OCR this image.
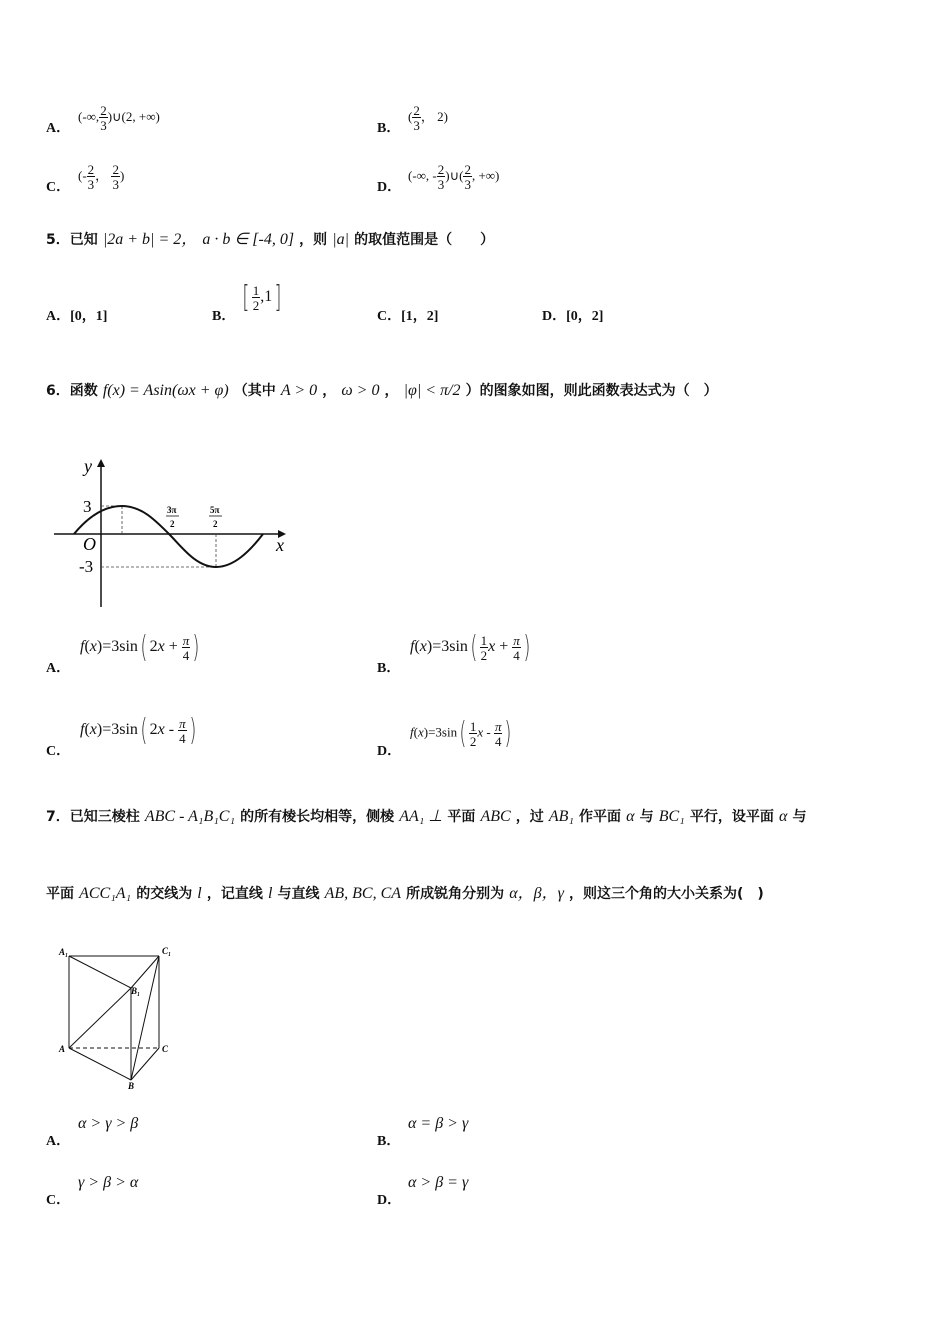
A．
(-∞, $\frac{2}{3}$ )∪(2, +∞)
B．
( $\frac{2}{3}$ ， 2)
C．
(- $\frac{2}{3}$ ， $\frac{2}{3}$ )
D．
(-∞, - $\frac{2}{3}$ )∪( $\frac{2}{3}$ , +∞)
5．已知 |2a + b| = 2， a · b ∈ [-4, 0] ，则 |a| 的取值范围是（　　）
A．[0，1]	B．
[ $\frac{1}{2} ,1$]
C．[1，2]	D．[0，2]
6．函数 f(x) = Asin(ωx + φ) （其中 A > 0 ， ω > 0 ， |φ| < π/2 ）的图象如图，则此函数表达式为（　）
y
x
O
3
-3
3π
2
5π
2
A．
f(x)=3sin( $2x + \frac{\pi}{4}$ )
B．
$f(x)=3\sin( \frac{1}{2}$ $x + \frac{\pi}{4}$ )
C．
f(x)=3sin( $2x - \frac{\pi}{4}$ )
D．
$f(x)=3\sin( \frac{1}{2}$ x - $\frac{\pi}{4}$ )
7．已知三棱柱 ABC - A₁B₁C₁ 的所有棱长均相等，侧棱 AA₁ ⊥ 平面 ABC ，过 AB₁ 作平面 α 与 BC₁ 平行，设平面 α 与
平面 ACC₁A₁ 的交线为 l ，记直线 l 与直线 AB, BC, CA 所成锐角分别为 α，β，γ ，则这三个角的大小关系为(　)
A₁	C₁
B₁
A	C
B
A．
α > γ > β
B．
α = β > γ
C．
γ > β > α
D．
α > β = γ
